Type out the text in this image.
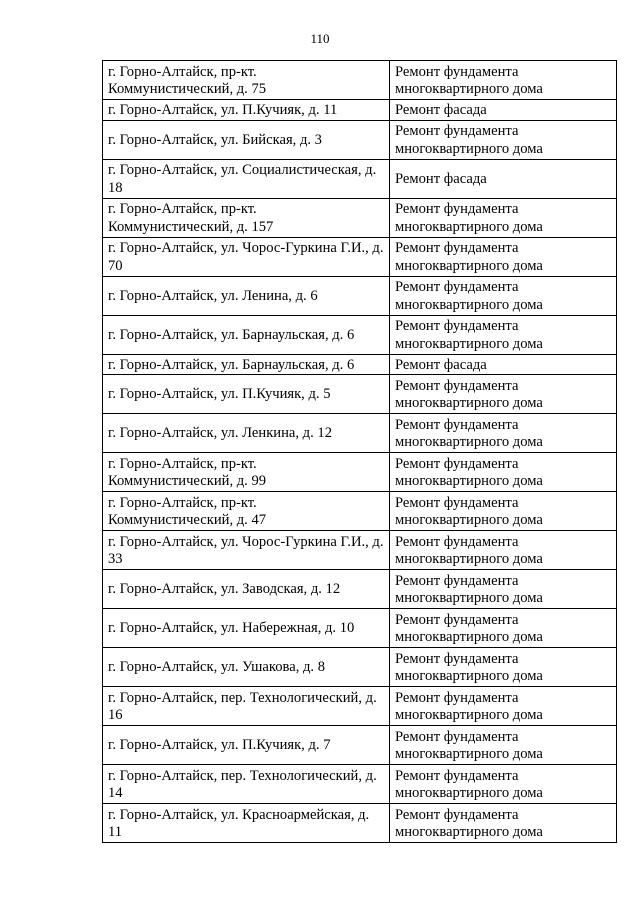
110
г. Горно-Алтайск, пр-кт. Коммунистический, д. 75	Ремонт фундамента многоквартирного дома
г. Горно-Алтайск, ул. П.Кучияк, д. 11	Ремонт фасада
г. Горно-Алтайск, ул. Бийская, д. 3	Ремонт фундамента многоквартирного дома
г. Горно-Алтайск, ул. Социалистическая, д. 18	Ремонт фасада
г. Горно-Алтайск, пр-кт. Коммунистический, д. 157	Ремонт фундамента многоквартирного дома
г. Горно-Алтайск, ул. Чорос-Гуркина Г.И., д. 70	Ремонт фундамента многоквартирного дома
г. Горно-Алтайск, ул. Ленина, д. 6	Ремонт фундамента многоквартирного дома
г. Горно-Алтайск, ул. Барнаульская, д. 6	Ремонт фундамента многоквартирного дома
г. Горно-Алтайск, ул. Барнаульская, д. 6	Ремонт фасада
г. Горно-Алтайск, ул. П.Кучияк, д. 5	Ремонт фундамента многоквартирного дома
г. Горно-Алтайск, ул. Ленкина, д. 12	Ремонт фундамента многоквартирного дома
г. Горно-Алтайск, пр-кт. Коммунистический, д. 99	Ремонт фундамента многоквартирного дома
г. Горно-Алтайск, пр-кт. Коммунистический, д. 47	Ремонт фундамента многоквартирного дома
г. Горно-Алтайск, ул. Чорос-Гуркина Г.И., д. 33	Ремонт фундамента многоквартирного дома
г. Горно-Алтайск, ул. Заводская, д. 12	Ремонт фундамента многоквартирного дома
г. Горно-Алтайск, ул. Набережная, д. 10	Ремонт фундамента многоквартирного дома
г. Горно-Алтайск, ул. Ушакова, д. 8	Ремонт фундамента многоквартирного дома
г. Горно-Алтайск, пер. Технологический, д. 16	Ремонт фундамента многоквартирного дома
г. Горно-Алтайск, ул. П.Кучияк, д. 7	Ремонт фундамента многоквартирного дома
г. Горно-Алтайск, пер. Технологический, д. 14	Ремонт фундамента многоквартирного дома
г. Горно-Алтайск, ул. Красноармейская, д. 11	Ремонт фундамента многоквартирного дома
